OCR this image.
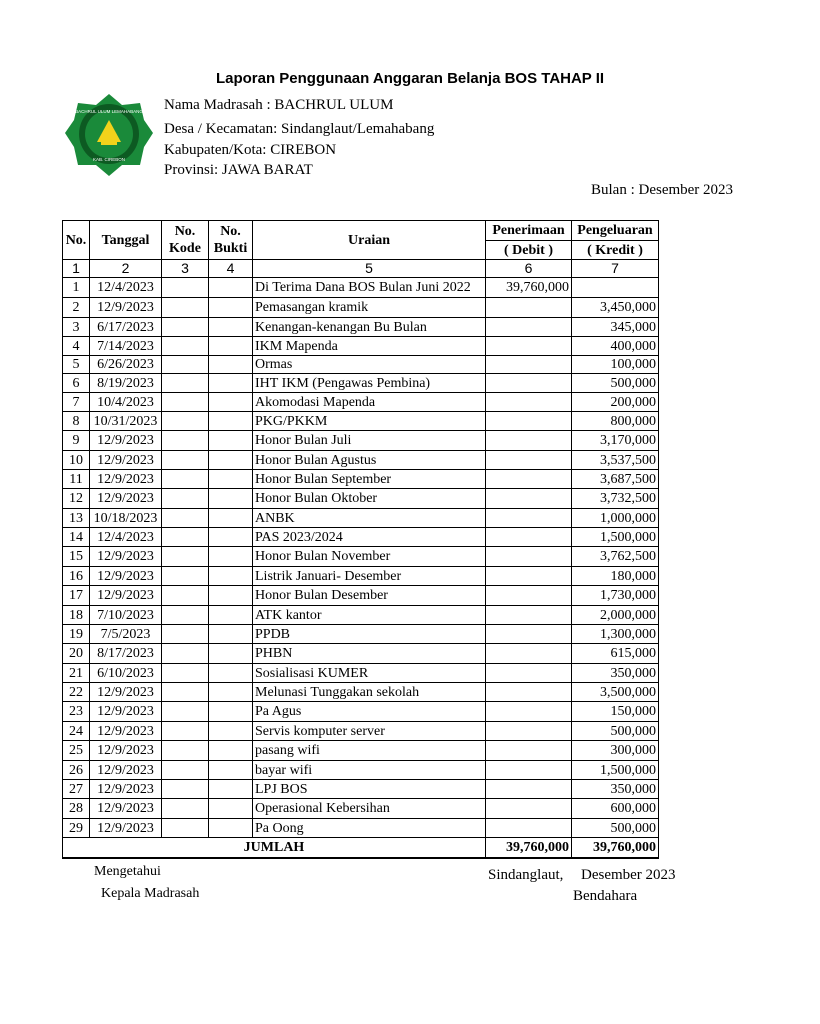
Laporan Penggunaan Anggaran Belanja BOS TAHAP II
BACHRUL ULUM LEMAHABANG
KAB. CIREBON
Nama Madrasah : BACHRUL ULUM
Desa / Kecamatan: Sindanglaut/Lemahabang
Kabupaten/Kota: CIREBON
Provinsi: JAWA BARAT
Bulan : Desember 2023
No.	Tanggal	No. Kode	No. Bukti	Uraian	Penerimaan	Pengeluaran
					( Debit )	( Kredit )
1	2	3	4	5	6	7
1	12/4/2023			Di Terima Dana BOS Bulan Juni 2022	39,760,000	
2	12/9/2023			Pemasangan kramik		3,450,000
3	6/17/2023			Kenangan-kenangan Bu Bulan		345,000
4	7/14/2023			IKM Mapenda		400,000
5	6/26/2023			Ormas		100,000
6	8/19/2023			IHT IKM (Pengawas Pembina)		500,000
7	10/4/2023			Akomodasi Mapenda		200,000
8	10/31/2023			PKG/PKKM		800,000
9	12/9/2023			Honor Bulan Juli		3,170,000
10	12/9/2023			Honor Bulan Agustus		3,537,500
11	12/9/2023			Honor Bulan September		3,687,500
12	12/9/2023			Honor Bulan Oktober		3,732,500
13	10/18/2023			ANBK		1,000,000
14	12/4/2023			PAS 2023/2024		1,500,000
15	12/9/2023			Honor Bulan November		3,762,500
16	12/9/2023			Listrik Januari- Desember		180,000
17	12/9/2023			Honor Bulan Desember		1,730,000
18	7/10/2023			ATK kantor		2,000,000
19	7/5/2023			PPDB		1,300,000
20	8/17/2023			PHBN		615,000
21	6/10/2023			Sosialisasi KUMER		350,000
22	12/9/2023			Melunasi Tunggakan sekolah		3,500,000
23	12/9/2023			Pa Agus		150,000
24	12/9/2023			Servis komputer server		500,000
25	12/9/2023			pasang wifi		300,000
26	12/9/2023			bayar wifi		1,500,000
27	12/9/2023			LPJ BOS		350,000
28	12/9/2023			Operasional Kebersihan		600,000
29	12/9/2023			Pa Oong		500,000
JUMLAH					39,760,000	39,760,000
Mengetahui
Kepala Madrasah
Sindanglaut, Desember 2023
Bendahara
